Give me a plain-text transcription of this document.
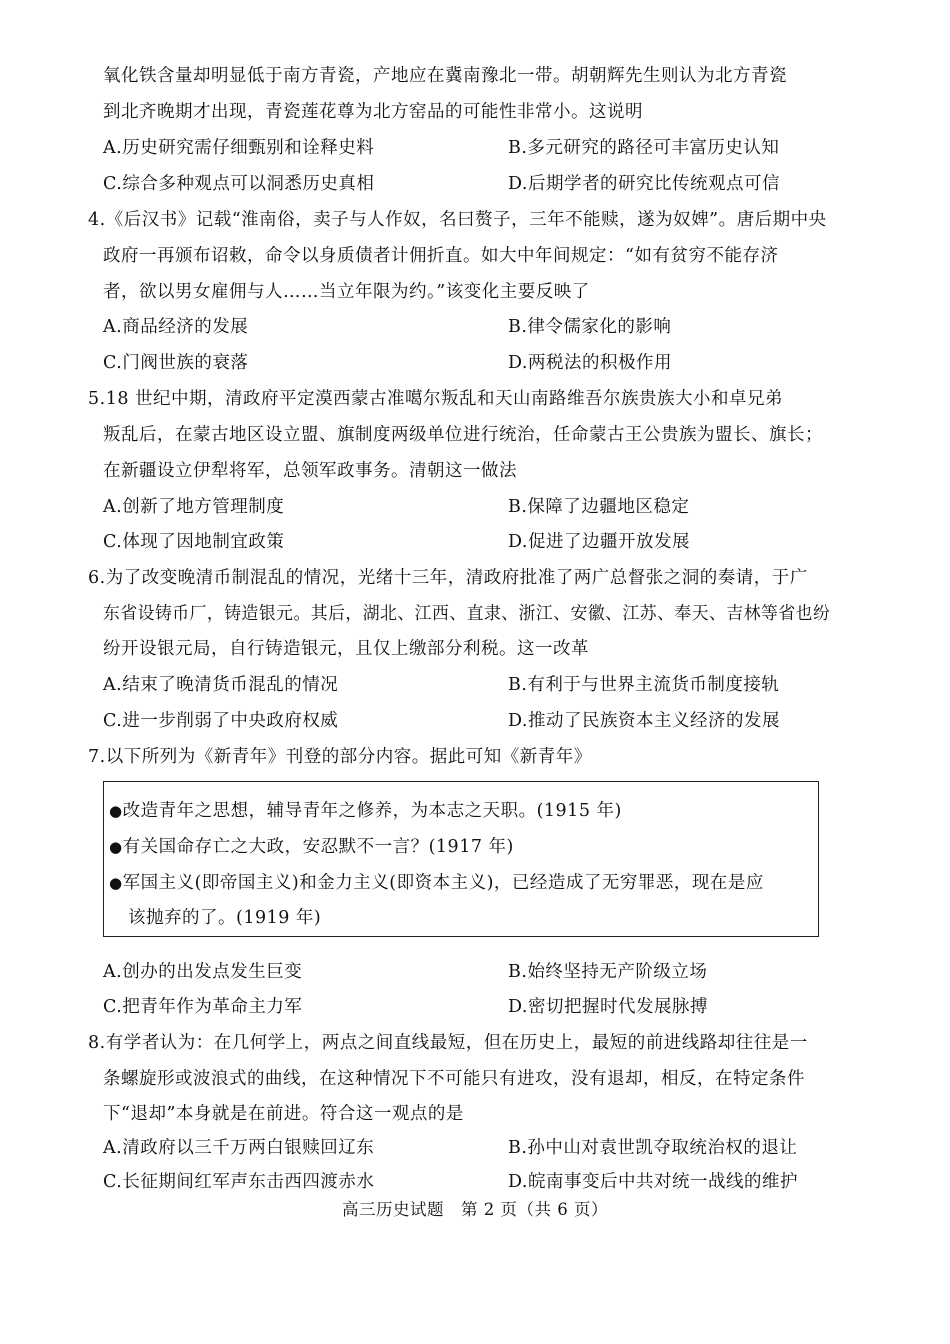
氧化铁含量却明显低于南方青瓷，产地应在冀南豫北一带。胡朝辉先生则认为北方青瓷
到北齐晚期才出现，青瓷莲花尊为北方窑品的可能性非常小。这说明
A.历史研究需仔细甄别和诠释史料	B.多元研究的路径可丰富历史认知
C.综合多种观点可以洞悉历史真相	D.后期学者的研究比传统观点可信
4.《后汉书》记载“淮南俗，卖子与人作奴，名曰赘子，三年不能赎，遂为奴婢”。唐后期中央
政府一再颁布诏敕，命令以身质债者计佣折直。如大中年间规定：“如有贫穷不能存济
者，欲以男女雇佣与人……当立年限为约。”该变化主要反映了
A.商品经济的发展	B.律令儒家化的影响
C.门阀世族的衰落	D.两税法的积极作用
5.18 世纪中期，清政府平定漠西蒙古准噶尔叛乱和天山南路维吾尔族贵族大小和卓兄弟
叛乱后，在蒙古地区设立盟、旗制度两级单位进行统治，任命蒙古王公贵族为盟长、旗长；
在新疆设立伊犁将军，总领军政事务。清朝这一做法
A.创新了地方管理制度	B.保障了边疆地区稳定
C.体现了因地制宜政策	D.促进了边疆开放发展
6.为了改变晚清币制混乱的情况，光绪十三年，清政府批准了两广总督张之洞的奏请，于广
东省设铸币厂，铸造银元。其后，湖北、江西、直隶、浙江、安徽、江苏、奉天、吉林等省也纷
纷开设银元局，自行铸造银元，且仅上缴部分利税。这一改革
A.结束了晚清货币混乱的情况	B.有利于与世界主流货币制度接轨
C.进一步削弱了中央政府权威	D.推动了民族资本主义经济的发展
7.以下所列为《新青年》刊登的部分内容。据此可知《新青年》
●改造青年之思想，辅导青年之修养，为本志之天职。(1915 年)
●有关国命存亡之大政，安忍默不一言？(1917 年)
●军国主义(即帝国主义)和金力主义(即资本主义)，已经造成了无穷罪恶，现在是应
该抛弃的了。(1919 年)
A.创办的出发点发生巨变	B.始终坚持无产阶级立场
C.把青年作为革命主力军	D.密切把握时代发展脉搏
8.有学者认为：在几何学上，两点之间直线最短，但在历史上，最短的前进线路却往往是一
条螺旋形或波浪式的曲线，在这种情况下不可能只有进攻，没有退却，相反，在特定条件
下“退却”本身就是在前进。符合这一观点的是
A.清政府以三千万两白银赎回辽东	B.孙中山对袁世凯夺取统治权的退让
C.长征期间红军声东击西四渡赤水	D.皖南事变后中共对统一战线的维护
高三历史试题　第 2 页（共 6 页）
